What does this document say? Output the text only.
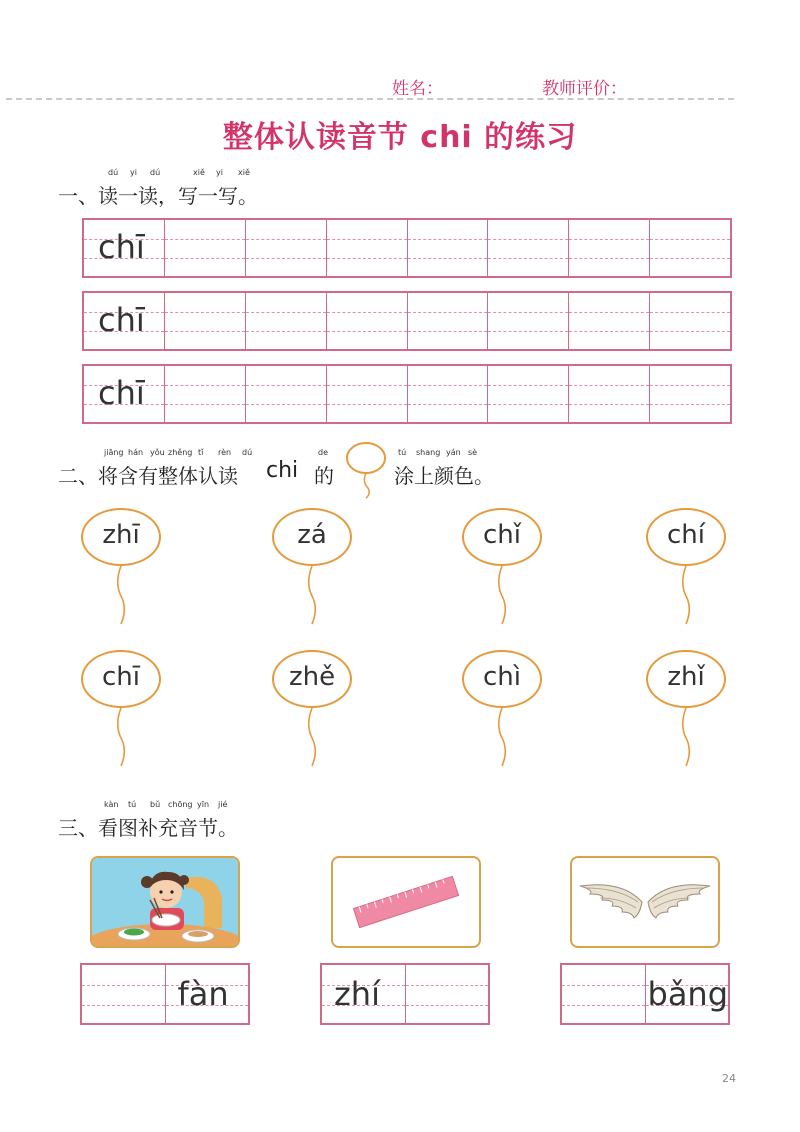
姓名：	教师评价：
整体认读音节 chi 的练习
dú yi dú	xiě yi xiě
一、读一读，写一写。
chī
chī
chī
jiāng hán yǒu zhěng tǐ rèn dú	de	tú shang yán sè
二、将含有整体认读 chi 的	涂上颜色。
zhī	zá	chǐ	chí
chī	zhě	chì	zhǐ
kàn tú bǔ chōng yīn jié
三、看图补充音节。
fàn	zhí	bǎng
24
